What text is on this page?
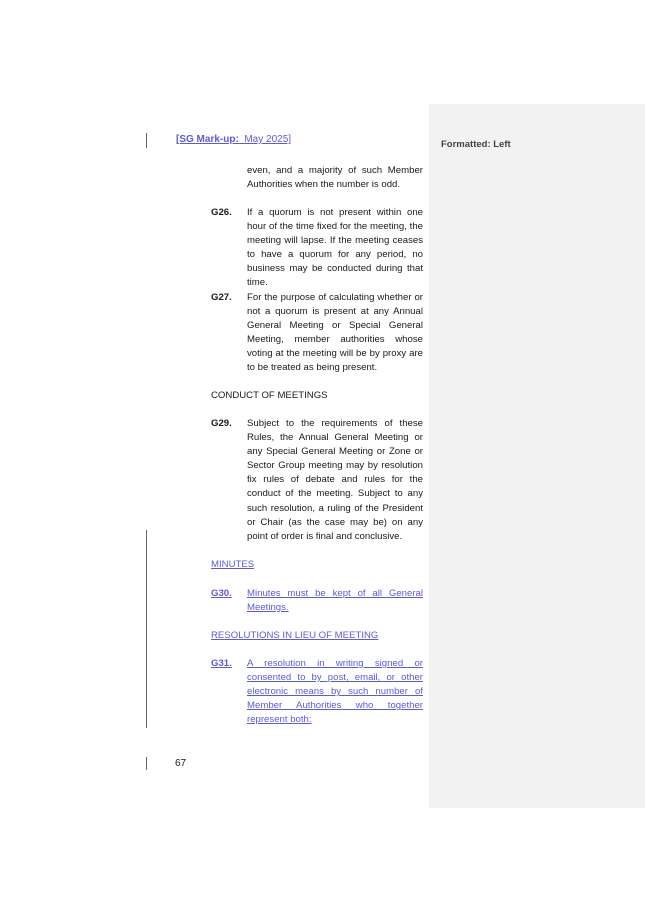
Formatted: Left
[SG Mark-up: May 2025]
even, and a majority of such Member Authorities when the number is odd.
G26. If a quorum is not present within one hour of the time fixed for the meeting, the meeting will lapse. If the meeting ceases to have a quorum for any period, no business may be conducted during that time.
G27. For the purpose of calculating whether or not a quorum is present at any Annual General Meeting or Special General Meeting, member authorities whose voting at the meeting will be by proxy are to be treated as being present.
CONDUCT OF MEETINGS
G29. Subject to the requirements of these Rules, the Annual General Meeting or any Special General Meeting or Zone or Sector Group meeting may by resolution fix rules of debate and rules for the conduct of the meeting. Subject to any such resolution, a ruling of the President or Chair (as the case may be) on any point of order is final and conclusive.
MINUTES
G30. Minutes must be kept of all General Meetings.
RESOLUTIONS IN LIEU OF MEETING
G31. A resolution in writing signed or consented to by post, email, or other electronic means by such number of Member Authorities who together represent both:
67
